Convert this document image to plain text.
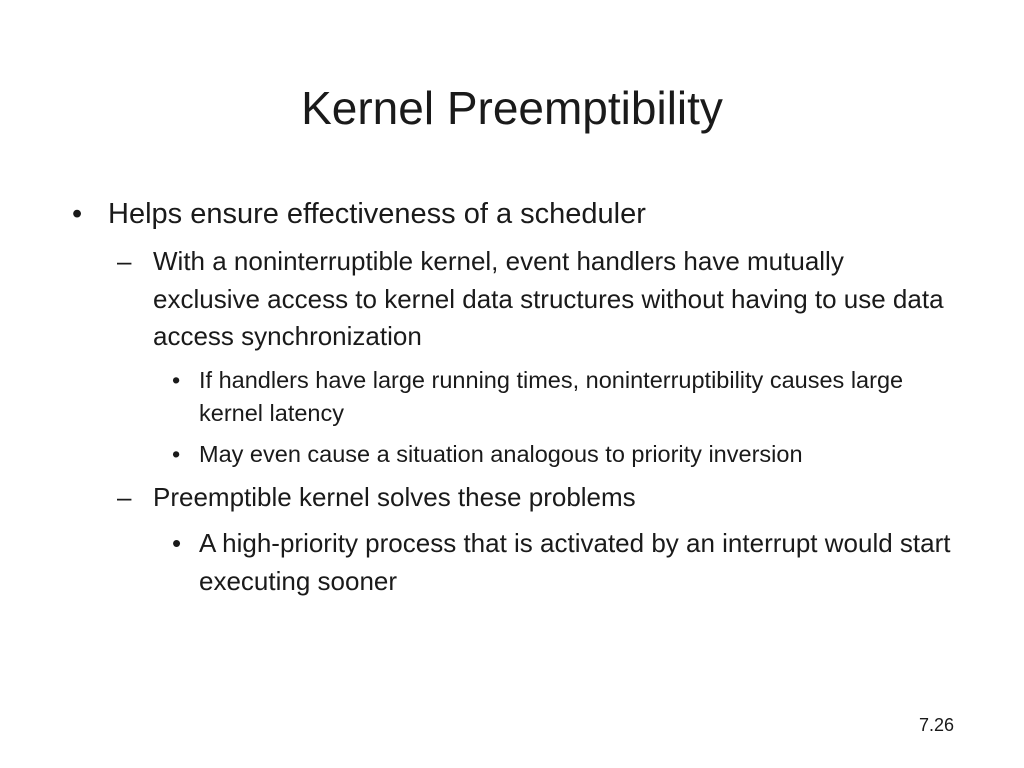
Kernel Preemptibility
• Helps ensure effectiveness of a scheduler
– With a noninterruptible kernel, event handlers have mutually exclusive access to kernel data structures without having to use data access synchronization
• If handlers have large running times, noninterruptibility causes large kernel latency
• May even cause a situation analogous to priority inversion
– Preemptible kernel solves these problems
• A high-priority process that is activated by an interrupt would start executing sooner
7.26
